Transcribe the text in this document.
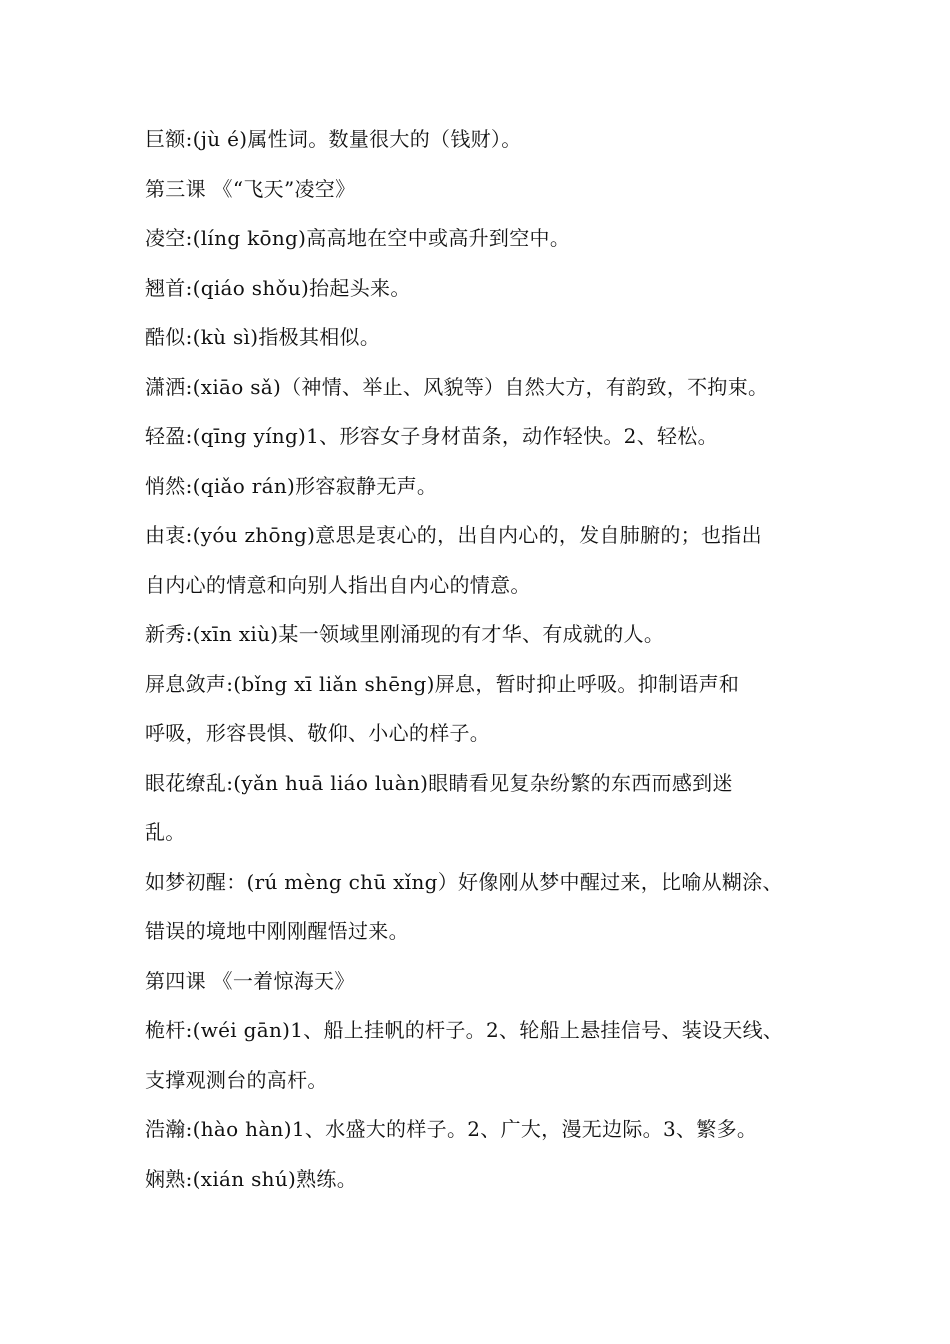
巨额:(jù é)属性词。数量很大的（钱财）。
第三课 《“飞天”凌空》
凌空:(líng kōng)高高地在空中或高升到空中。
翘首:(qiáo shǒu)抬起头来。
酷似:(kù sì)指极其相似。
潇洒:(xiāo sǎ)（神情、举止、风貌等）自然大方，有韵致，不拘束。
轻盈:(qīng yíng)1、形容女子身材苗条，动作轻快。2、轻松。
悄然:(qiǎo rán)形容寂静无声。
由衷:(yóu zhōng)意思是衷心的，出自内心的，发自肺腑的；也指出
自内心的情意和向别人指出自内心的情意。
新秀:(xīn xiù)某一领域里刚涌现的有才华、有成就的人。
屏息敛声:(bǐng xī liǎn shēng)屏息，暂时抑止呼吸。抑制语声和
呼吸，形容畏惧、敬仰、小心的样子。
眼花缭乱:(yǎn huā liáo luàn)眼睛看见复杂纷繁的东西而感到迷
乱。
如梦初醒：(rú mèng chū xǐng）好像刚从梦中醒过来，比喻从糊涂、
错误的境地中刚刚醒悟过来。
第四课 《一着惊海天》
桅杆:(wéi gān)1、船上挂帆的杆子。2、轮船上悬挂信号、装设天线、
支撑观测台的高杆。
浩瀚:(hào hàn)1、水盛大的样子。2、广大，漫无边际。3、繁多。
娴熟:(xián shú)熟练。
